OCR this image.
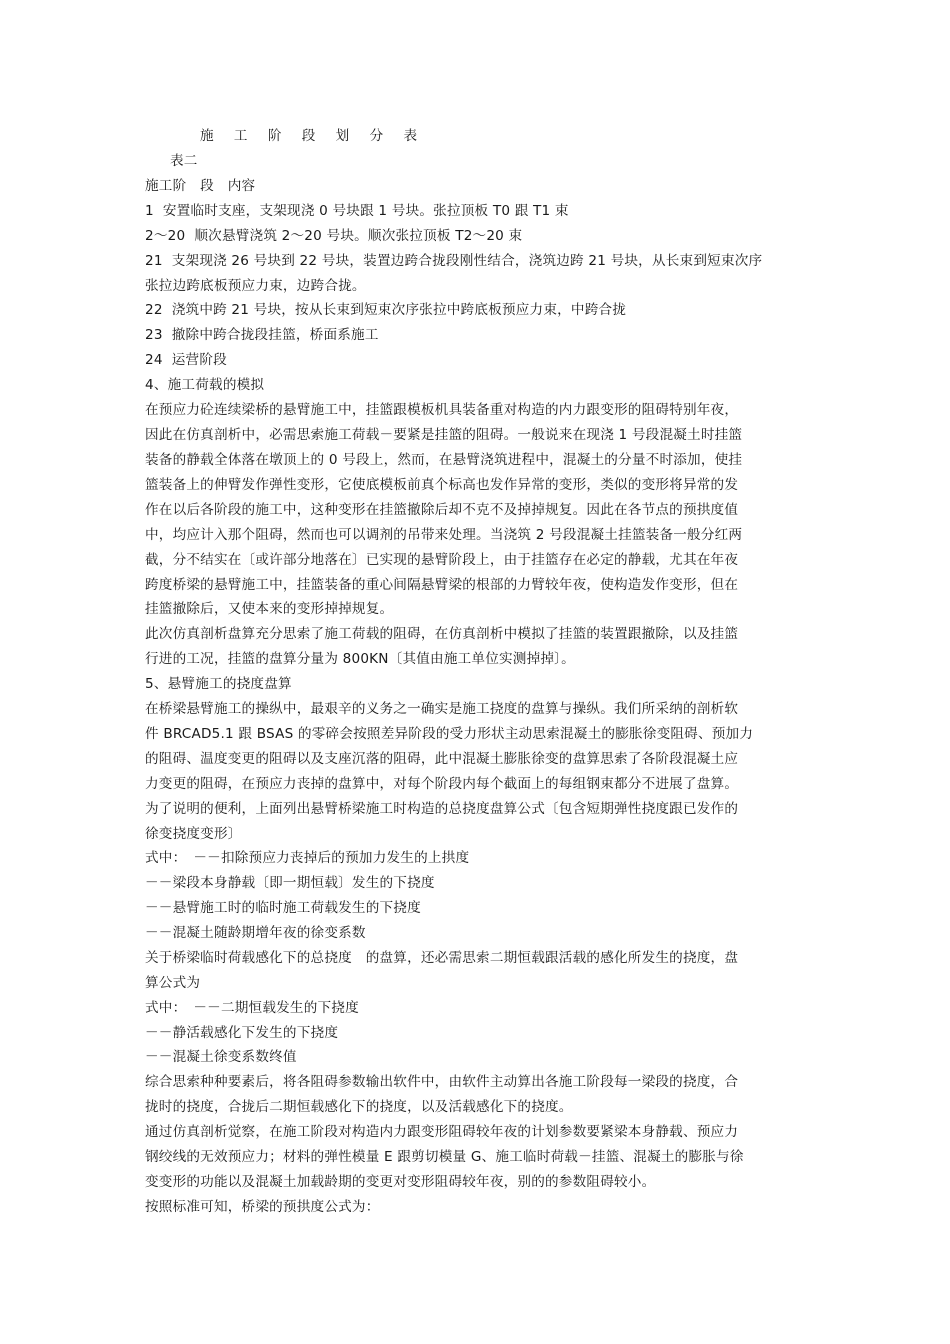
施 工 阶 段 划 分 表
表二
施工阶　段　内容
1  安置临时支座，支架现浇 0 号块跟 1 号块。张拉顶板 T0 跟 T1 束
2～20  顺次悬臂浇筑 2～20 号块。顺次张拉顶板 T2～20 束
21  支架现浇 26 号块到 22 号块，装置边跨合拢段刚性结合，浇筑边跨 21 号块，从长束到短束次序
张拉边跨底板预应力束，边跨合拢。
22  浇筑中跨 21 号块，按从长束到短束次序张拉中跨底板预应力束，中跨合拢
23  撤除中跨合拢段挂篮，桥面系施工
24  运营阶段
4、施工荷载的模拟
在预应力砼连续梁桥的悬臂施工中，挂篮跟模板机具装备重对构造的内力跟变形的阻碍特别年夜，
因此在仿真剖析中，必需思索施工荷载－要紧是挂篮的阻碍。一般说来在现浇 1 号段混凝土时挂篮
装备的静载全体落在墩顶上的 0 号段上，然而，在悬臂浇筑进程中，混凝土的分量不时添加，使挂
篮装备上的伸臂发作弹性变形，它使底模板前真个标高也发作异常的变形，类似的变形将异常的发
作在以后各阶段的施工中，这种变形在挂篮撤除后却不克不及掉掉规复。因此在各节点的预拱度值
中，均应计入那个阻碍，然而也可以调剂的吊带来处理。当浇筑 2 号段混凝土挂篮装备一般分红两
截，分不结实在〔或许部分地落在〕已实现的悬臂阶段上，由于挂篮存在必定的静载，尤其在年夜
跨度桥梁的悬臂施工中，挂篮装备的重心间隔悬臂梁的根部的力臂较年夜，使构造发作变形，但在
挂篮撤除后，又使本来的变形掉掉规复。
此次仿真剖析盘算充分思索了施工荷载的阻碍，在仿真剖析中模拟了挂篮的装置跟撤除，以及挂篮
行进的工况，挂篮的盘算分量为 800KN〔其值由施工单位实测掉掉〕。
5、悬臂施工的挠度盘算
在桥梁悬臂施工的操纵中，最艰辛的义务之一确实是施工挠度的盘算与操纵。我们所采纳的剖析软
件 BRCAD5.1 跟 BSAS 的零碎会按照差异阶段的受力形状主动思索混凝土的膨胀徐变阻碍、预加力
的阻碍、温度变更的阻碍以及支座沉落的阻碍，此中混凝土膨胀徐变的盘算思索了各阶段混凝土应
力变更的阻碍，在预应力丧掉的盘算中，对每个阶段内每个截面上的每组钢束都分不进展了盘算。
为了说明的便利，上面列出悬臂桥梁施工时构造的总挠度盘算公式〔包含短期弹性挠度跟已发作的
徐变挠度变形〕
式中：　－－扣除预应力丧掉后的预加力发生的上拱度
－－梁段本身静载〔即一期恒载〕发生的下挠度
－－悬臂施工时的临时施工荷载发生的下挠度
－－混凝土随龄期增年夜的徐变系数
关于桥梁临时荷载感化下的总挠度　的盘算，还必需思索二期恒载跟活载的感化所发生的挠度，盘
算公式为
式中：　－－二期恒载发生的下挠度
－－静活载感化下发生的下挠度
－－混凝土徐变系数终值
综合思索种种要素后，将各阻碍参数输出软件中，由软件主动算出各施工阶段每一梁段的挠度，合
拢时的挠度，合拢后二期恒载感化下的挠度，以及活载感化下的挠度。
通过仿真剖析觉察，在施工阶段对构造内力跟变形阻碍较年夜的计划参数要紧梁本身静载、预应力
钢绞线的无效预应力；材料的弹性模量 E 跟剪切模量 G、施工临时荷载－挂篮、混凝土的膨胀与徐
变变形的功能以及混凝土加载龄期的变更对变形阻碍较年夜，别的的参数阻碍较小。
按照标准可知，桥梁的预拱度公式为：
